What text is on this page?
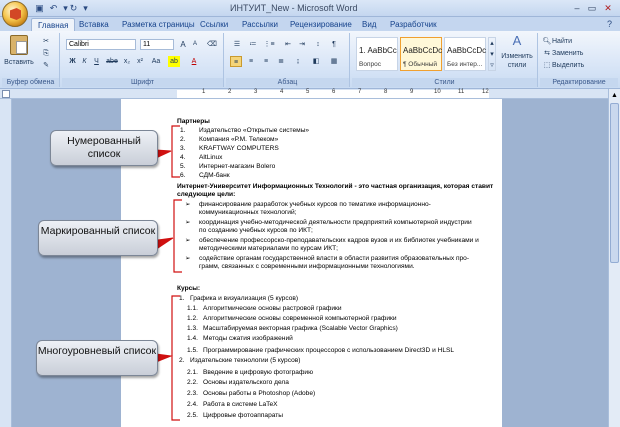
▣ ↶ ▾ ↻ ▾	ИНТУИТ_New - Microsoft Word	– ▭ ✕
Главная	Вставка	Разметка страницы Ссылки	Рассылки	Рецензирование	Вид	Разработчик	?
Вставить
✂
⎘
✎
Буфер обмена
Calibri	11	A	A	⌫
Ж К	Ч	abe x₂ x² Aa ab	A
Шрифт
☰	≔ ⋮≡	⇤	⇥	↕	¶
≡	≡	≡	≣	↨	◧	▦
Абзац
1. AaBbCc
Вопрос
AaBbCcDc
¶ Обычный
AaBbCcDc
Без интер...
▴
▾
▿
A
Изменить стили
Стили
🔍︎ Найти
⇆ Заменить
⬚ Выделить
Редактирование
1	2	3	4	5	6	7	8	9	10	11	12	▲
Партнеры
1. Издательство «Открытые системы»
2. Компания «Р.М. Телеком»
3. KRAFTWAY COMPUTERS
4. AltLinux
5. Интернет-магазин Bolero
6. СДМ-банк
Интернет-Университет Информационных Технологий - это частная организация, которая ставит
следующие цели:
➢ финансирование разработок учебных курсов по тематике информационно-
коммуникационных технологий;
➢ координация учебно-методической деятельности предприятий компьютерной индустрии
по созданию учебных курсов по ИКТ;
➢ обеспечение профессорско-преподавательских кадров вузов и их библиотек учебниками и
методическими материалами по курсам ИКТ;
➢ содействие органам государственной власти в области развития образовательных про-
грамм, связанных с современными информационными технологиями.
Курсы:
1. Графика и визуализация (5 курсов)
1.1. Алгоритмические основы растровой графики
1.2. Алгоритмические основы современной компьютерной графики
1.3. Масштабируемая векторная графика (Scalable Vector Graphics)
1.4. Методы сжатия изображений
1.5. Программирование графических процессоров с использованием Direct3D и HLSL
2. Издательские технологии (5 курсов)
2.1. Введение в цифровую фотографию
2.2. Основы издательского дела
2.3. Основы работы в Photoshop (Adobe)
2.4. Работа в системе LaTeX
2.5. Цифровые фотоаппараты
Нумерованный список
Маркированный список
Многоуровневый список
